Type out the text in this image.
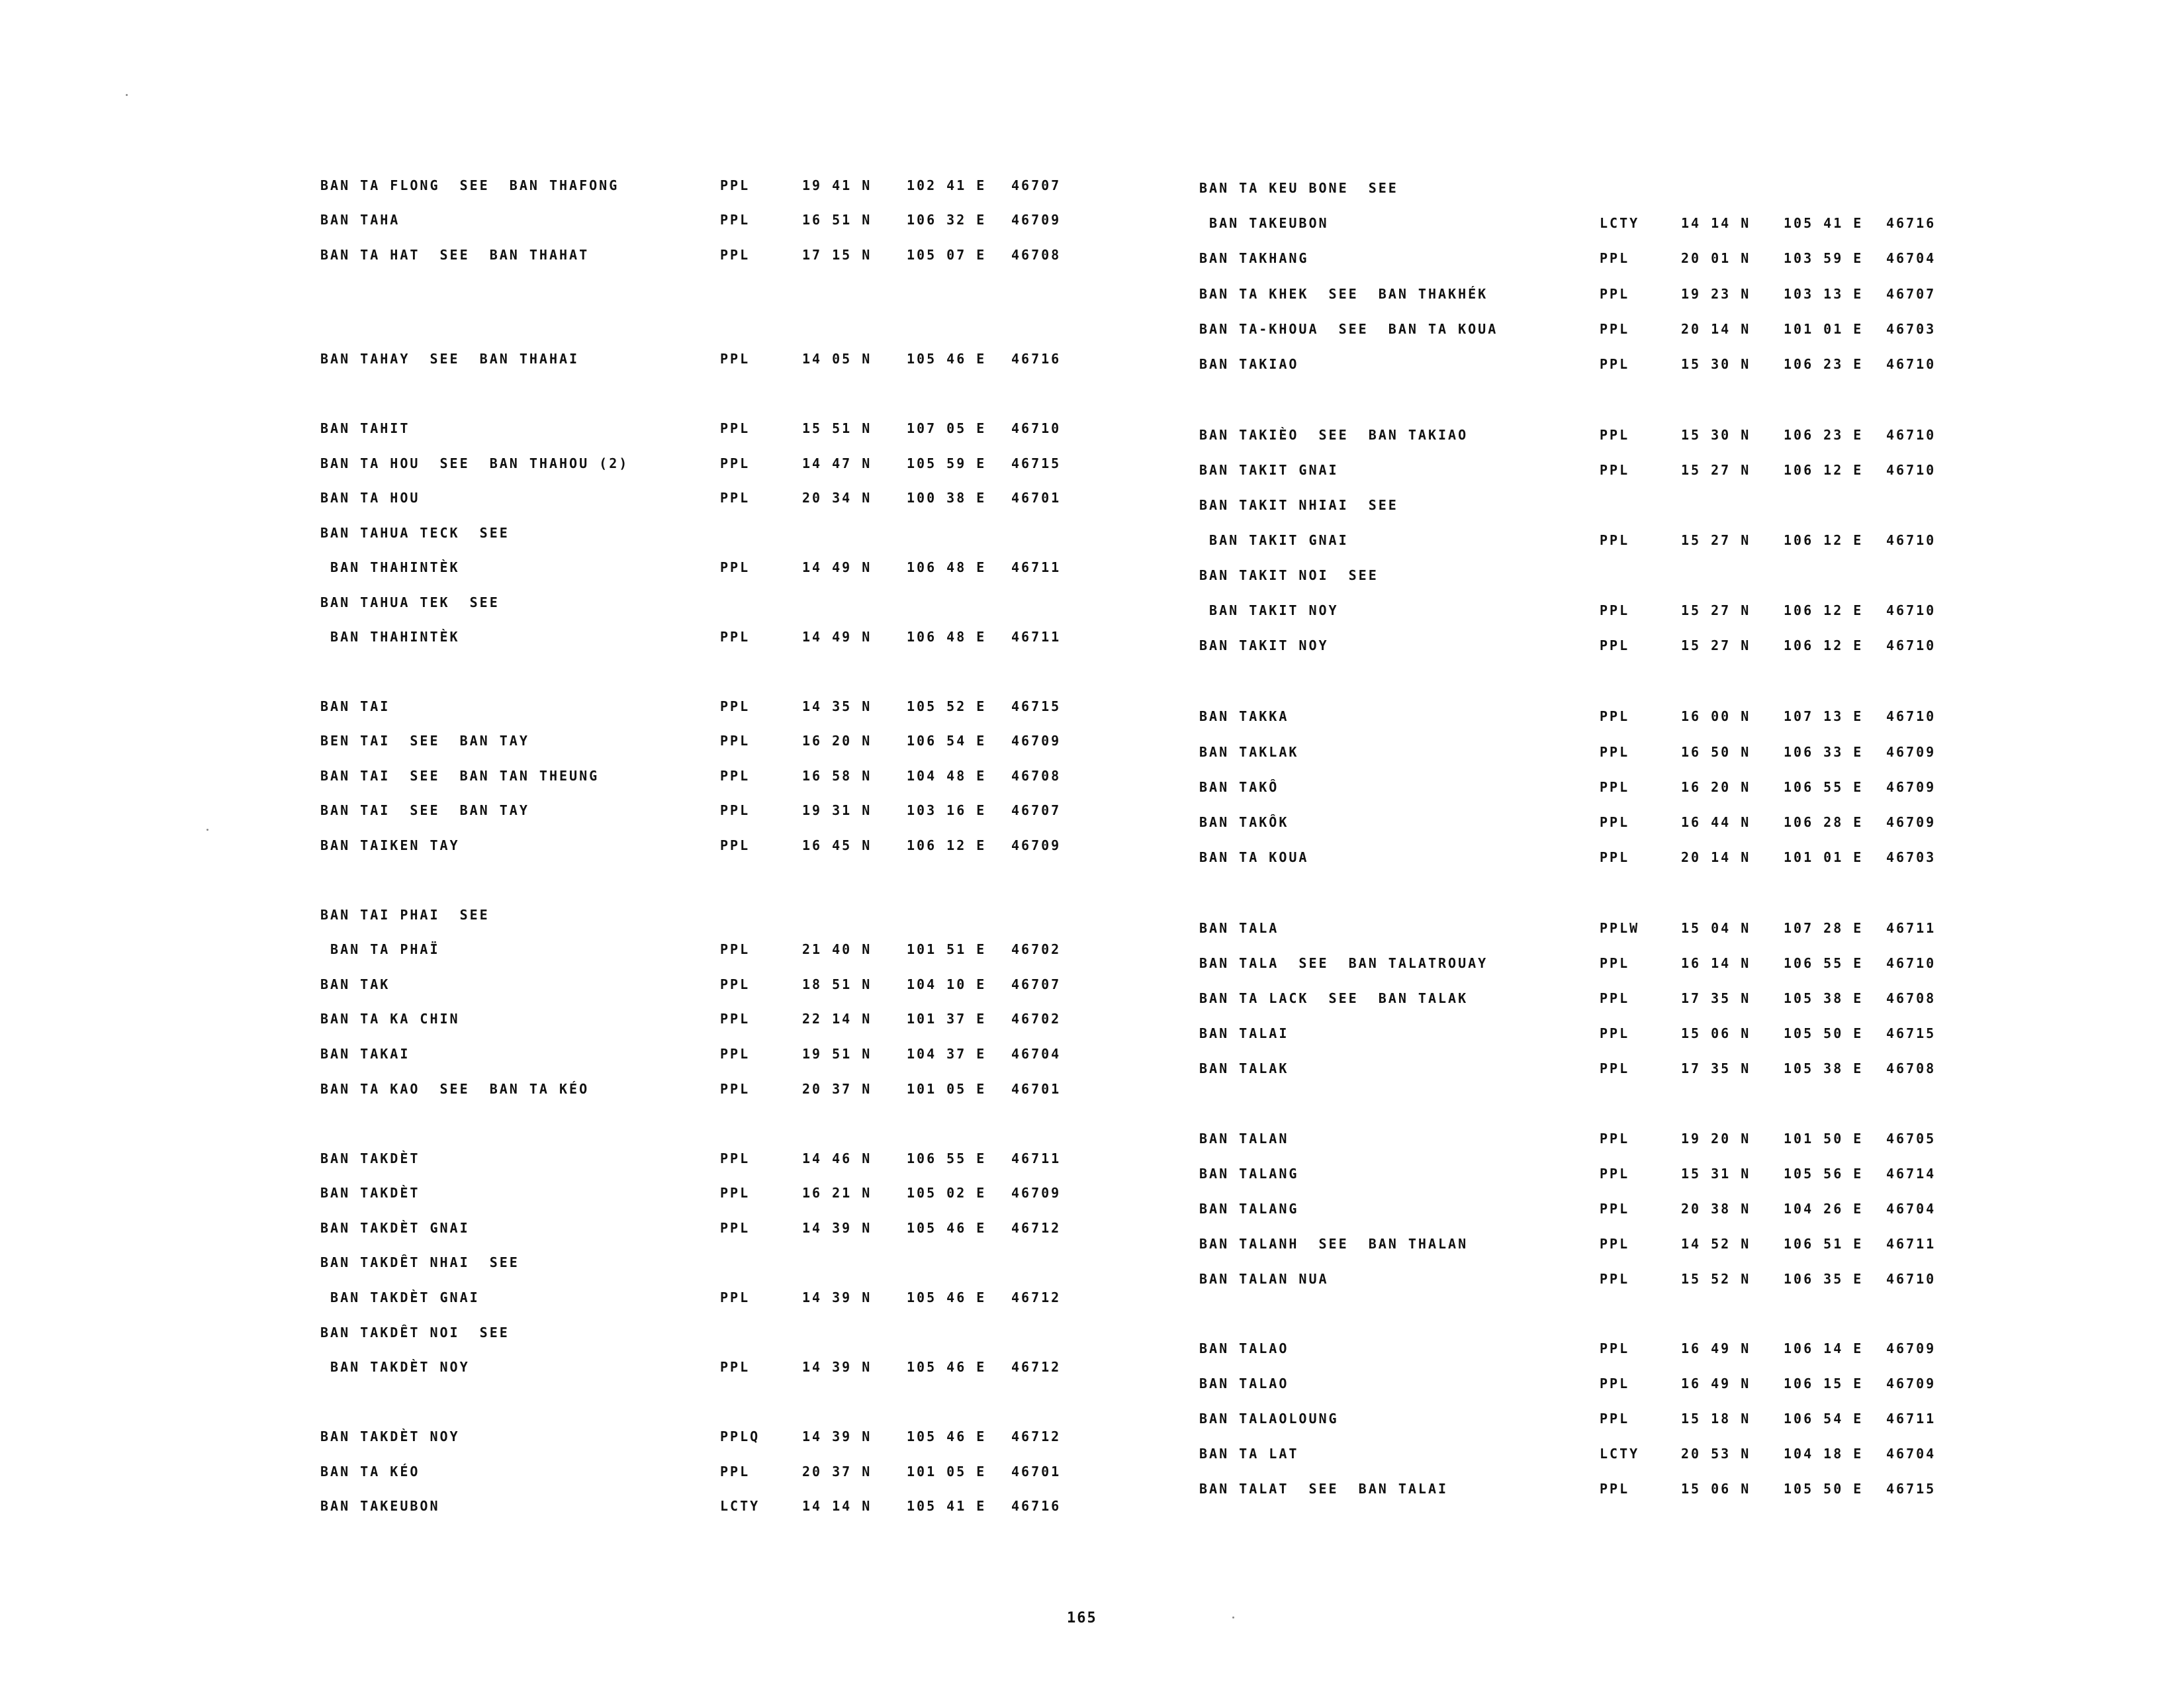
BAN TA FLONG  SEE  BAN THAFONG	PPL	19 41 N	102 41 E 46707
BAN TAHA	PPL	16 51 N	106 32 E 46709
BAN TA HAT  SEE  BAN THAHAT	PPL	17 15 N	105 07 E 46708
BAN TAHAY  SEE  BAN THAHAI	PPL	14 05 N	105 46 E 46716
BAN TAHIT	PPL	15 51 N	107 05 E 46710
BAN TA HOU  SEE  BAN THAHOU (2)	PPL	14 47 N	105 59 E 46715
BAN TA HOU	PPL	20 34 N	100 38 E 46701
BAN TAHUA TECK  SEE
BAN THAHINTÈK	PPL	14 49 N	106 48 E 46711
BAN TAHUA TEK  SEE
BAN THAHINTÈK	PPL	14 49 N	106 48 E 46711
BAN TAI	PPL	14 35 N	105 52 E 46715
BEN TAI  SEE  BAN TAY	PPL	16 20 N	106 54 E 46709
BAN TAI  SEE  BAN TAN THEUNG	PPL	16 58 N	104 48 E 46708
BAN TAI  SEE  BAN TAY	PPL	19 31 N	103 16 E 46707
BAN TAIKEN TAY	PPL	16 45 N	106 12 E 46709
BAN TAI PHAI  SEE
BAN TA PHAÏ	PPL	21 40 N	101 51 E 46702
BAN TAK	PPL	18 51 N	104 10 E 46707
BAN TA KA CHIN	PPL	22 14 N	101 37 E 46702
BAN TAKAI	PPL	19 51 N	104 37 E 46704
BAN TA KAO  SEE  BAN TA KÉO	PPL	20 37 N	101 05 E 46701
BAN TAKDÈT	PPL	14 46 N	106 55 E 46711
BAN TAKDÈT	PPL	16 21 N	105 02 E 46709
BAN TAKDÈT GNAI	PPL	14 39 N	105 46 E 46712
BAN TAKDÊT NHAI  SEE
BAN TAKDÈT GNAI	PPL	14 39 N	105 46 E 46712
BAN TAKDÊT NOI  SEE
BAN TAKDÈT NOY	PPL	14 39 N	105 46 E 46712
BAN TAKDÈT NOY	PPLQ	14 39 N	105 46 E 46712
BAN TA KÉO	PPL	20 37 N	101 05 E 46701
BAN TAKEUBON	LCTY	14 14 N	105 41 E 46716
BAN TA KEU BONE  SEE
BAN TAKEUBON	LCTY	14 14 N 105 41 E 46716
BAN TAKHANG	PPL	20 01 N 103 59 E 46704
BAN TA KHEK  SEE  BAN THAKHÉK	PPL	19 23 N 103 13 E 46707
BAN TA-KHOUA  SEE  BAN TA KOUA	PPL	20 14 N 101 01 E 46703
BAN TAKIAO	PPL	15 30 N 106 23 E 46710
BAN TAKIÈO  SEE  BAN TAKIAO	PPL	15 30 N 106 23 E 46710
BAN TAKIT GNAI	PPL	15 27 N 106 12 E 46710
BAN TAKIT NHIAI  SEE
BAN TAKIT GNAI	PPL	15 27 N 106 12 E 46710
BAN TAKIT NOI  SEE
BAN TAKIT NOY	PPL	15 27 N 106 12 E 46710
BAN TAKIT NOY	PPL	15 27 N 106 12 E 46710
BAN TAKKA	PPL	16 00 N 107 13 E 46710
BAN TAKLAK	PPL	16 50 N 106 33 E 46709
BAN TAKÔ	PPL	16 20 N 106 55 E 46709
BAN TAKÔK	PPL	16 44 N 106 28 E 46709
BAN TA KOUA	PPL	20 14 N 101 01 E 46703
BAN TALA	PPLW	15 04 N 107 28 E 46711
BAN TALA  SEE  BAN TALATROUAY	PPL	16 14 N 106 55 E 46710
BAN TA LACK  SEE  BAN TALAK	PPL	17 35 N 105 38 E 46708
BAN TALAI	PPL	15 06 N 105 50 E 46715
BAN TALAK	PPL	17 35 N 105 38 E 46708
BAN TALAN	PPL	19 20 N 101 50 E 46705
BAN TALANG	PPL	15 31 N 105 56 E 46714
BAN TALANG	PPL	20 38 N 104 26 E 46704
BAN TALANH  SEE  BAN THALAN	PPL	14 52 N 106 51 E 46711
BAN TALAN NUA	PPL	15 52 N 106 35 E 46710
BAN TALAO	PPL	16 49 N 106 14 E 46709
BAN TALAO	PPL	16 49 N 106 15 E 46709
BAN TALAOLOUNG	PPL	15 18 N 106 54 E 46711
BAN TA LAT	LCTY	20 53 N 104 18 E 46704
BAN TALAT  SEE  BAN TALAI	PPL	15 06 N 105 50 E 46715
165
